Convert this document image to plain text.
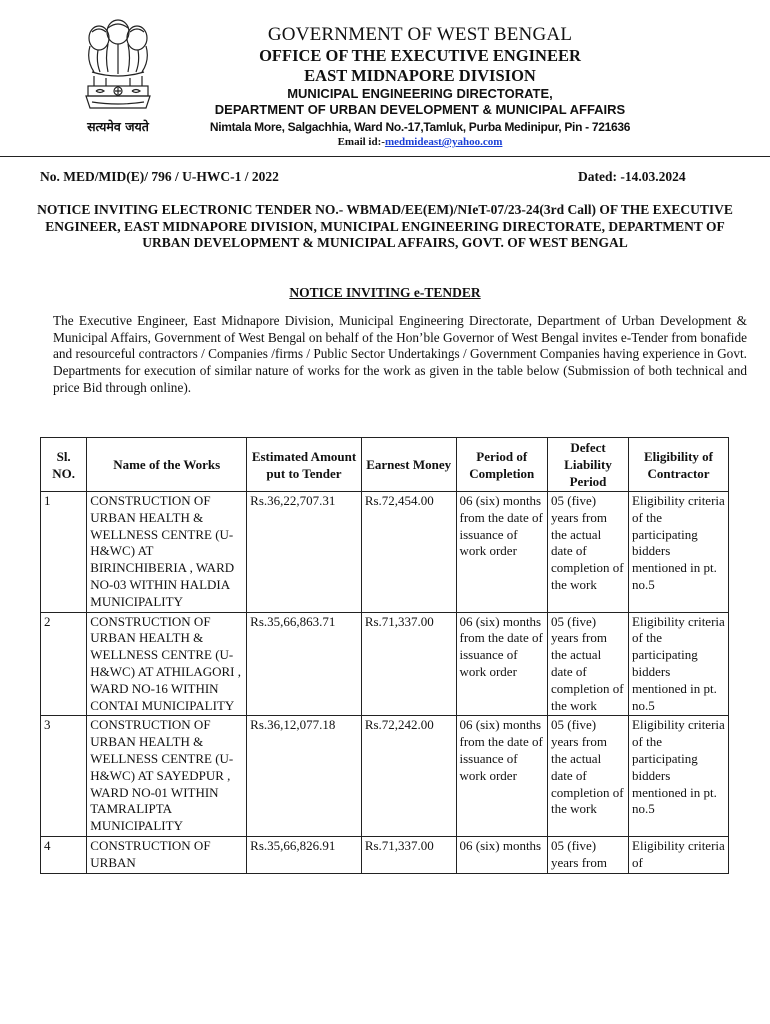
सत्यमेव जयते
GOVERNMENT OF WEST BENGAL
OFFICE OF THE EXECUTIVE ENGINEER
EAST MIDNAPORE DIVISION
MUNICIPAL ENGINEERING DIRECTORATE,
DEPARTMENT OF URBAN DEVELOPMENT & MUNICIPAL AFFAIRS
Nimtala More, Salgachhia, Ward No.-17,Tamluk, Purba Medinipur, Pin - 721636
Email id:-medmideast@yahoo.com
No. MED/MID(E)/ 796 / U-HWC-1 / 2022	Dated: -14.03.2024
NOTICE INVITING ELECTRONIC TENDER NO.- WBMAD/EE(EM)/NIeT-07/23-24(3rd Call) OF THE EXECUTIVE ENGINEER, EAST MIDNAPORE DIVISION, MUNICIPAL ENGINEERING DIRECTORATE, DEPARTMENT OF URBAN DEVELOPMENT & MUNICIPAL AFFAIRS, GOVT. OF WEST BENGAL
NOTICE INVITING e-TENDER
The Executive Engineer, East Midnapore Division, Municipal Engineering Directorate, Department of Urban Development & Municipal Affairs, Government of West Bengal on behalf of the Hon’ble Governor of West Bengal invites e-Tender from bonafide and resourceful contractors / Companies /firms / Public Sector Undertakings / Government Companies having experience in Govt. Departments for execution of similar nature of works for the work as given in the table below (Submission of both technical and price Bid through online).
Sl. NO.	Name of the Works	Estimated Amount put to Tender	Earnest Money	Period of Completion	Defect Liability Period	Eligibility of Contractor
1	CONSTRUCTION OF URBAN HEALTH & WELLNESS CENTRE (U-H&WC) AT BIRINCHIBERIA , WARD NO-03 WITHIN HALDIA MUNICIPALITY	Rs.36,22,707.31	Rs.72,454.00	06 (six) months from the date of issuance of work order	05 (five) years from the actual date of completion of the work	Eligibility criteria of the participating bidders mentioned in pt. no.5
2	CONSTRUCTION OF URBAN HEALTH & WELLNESS CENTRE (U-H&WC) AT ATHILAGORI , WARD NO-16 WITHIN CONTAI MUNICIPALITY	Rs.35,66,863.71	Rs.71,337.00	06 (six) months from the date of issuance of work order	05 (five) years from the actual date of completion of the work	Eligibility criteria of the participating bidders mentioned in pt. no.5
3	CONSTRUCTION OF URBAN HEALTH & WELLNESS CENTRE (U-H&WC) AT SAYEDPUR , WARD NO-01 WITHIN TAMRALIPTA MUNICIPALITY	Rs.36,12,077.18	Rs.72,242.00	06 (six) months from the date of issuance of work order	05 (five) years from the actual date of completion of the work	Eligibility criteria of the participating bidders mentioned in pt. no.5
4	CONSTRUCTION OF URBAN	Rs.35,66,826.91	Rs.71,337.00	06 (six) months	05 (five) years from	Eligibility criteria of
